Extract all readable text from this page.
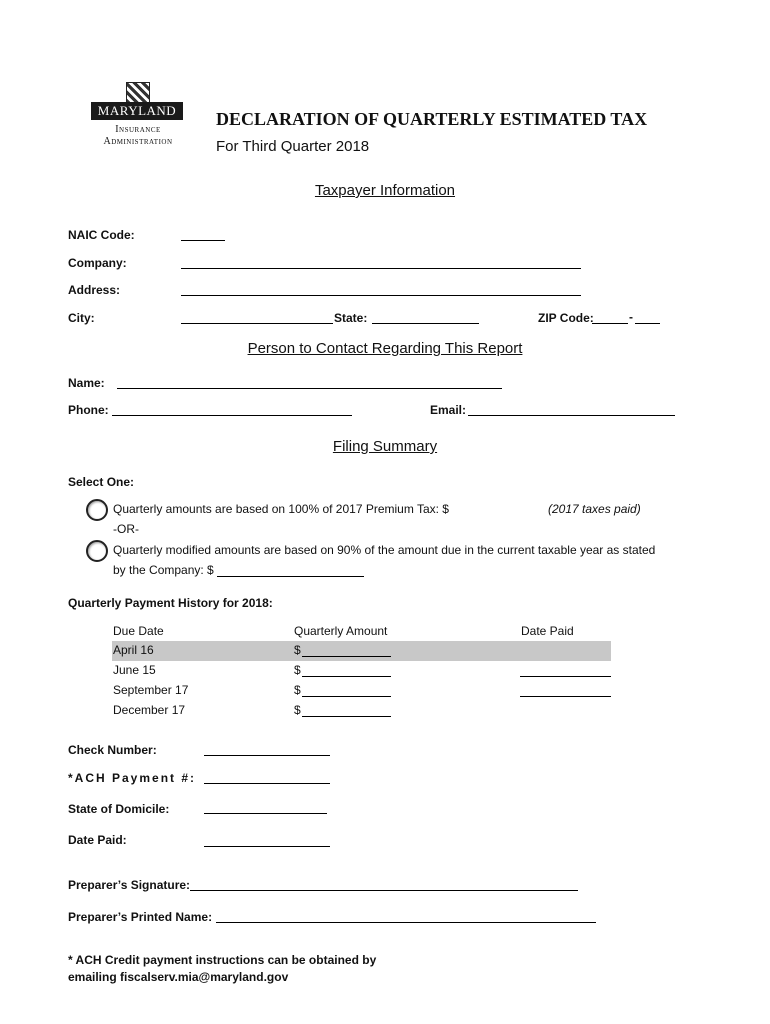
MARYLAND
Insurance
Administration
DECLARATION OF QUARTERLY ESTIMATED TAX
For Third Quarter 2018
Taxpayer Information
NAIC Code:
Company:
Address:
City:	State:	ZIP Code:	-
Person to Contact Regarding This Report
Name:
Phone:	Email:
Filing Summary
Select One:
Quarterly amounts are based on 100% of 2017 Premium Tax: $	(2017 taxes paid)
-OR-
Quarterly modified amounts are based on 90% of the amount due in the current taxable year as stated
by the Company: $
Quarterly Payment History for 2018:
Due Date	Quarterly Amount	Date Paid
April 16	$
June 15	$
September 17	$
December 17	$
Check Number:
*ACH Payment #:
State of Domicile:
Date Paid:
Preparer’s Signature:
Preparer’s Printed Name:
* ACH Credit payment instructions can be obtained by
emailing fiscalserv.mia@maryland.gov
